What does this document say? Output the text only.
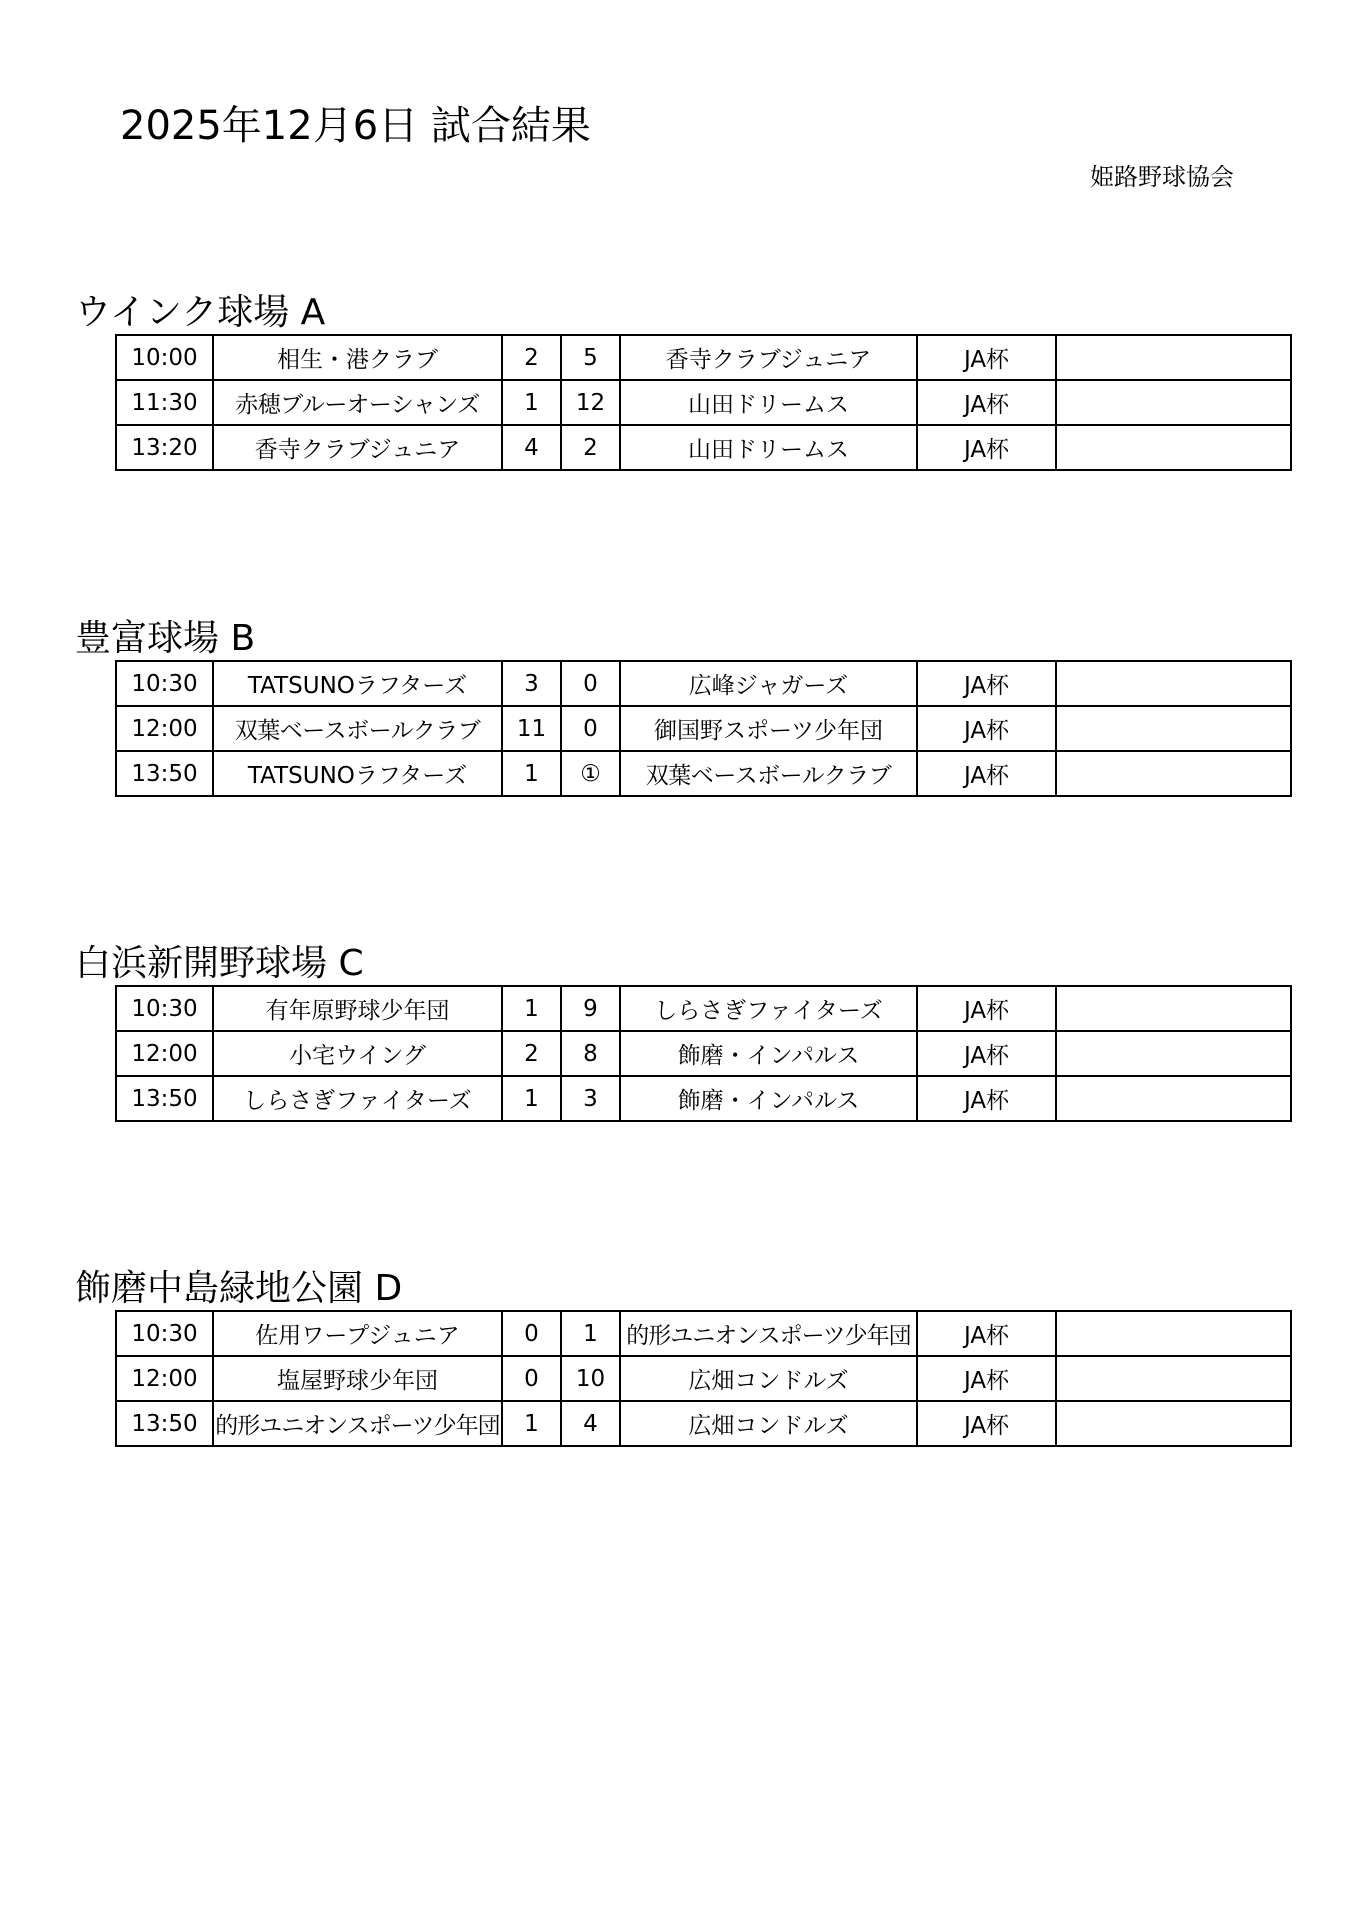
2025年12月6日 試合結果
姫路野球協会
ウインク球場 A
10:00	相生・港クラブ	2	5	香寺クラブジュニア	JA杯	
11:30	赤穂ブルーオーシャンズ	1	12	山田ドリームス	JA杯	
13:20	香寺クラブジュニア	4	2	山田ドリームス	JA杯	
豊富球場 B
10:30	TATSUNOラフターズ	3	0	広峰ジャガーズ	JA杯	
12:00	双葉ベースボールクラブ	11	0	御国野スポーツ少年団	JA杯	
13:50	TATSUNOラフターズ	1	①	双葉ベースボールクラブ	JA杯	
白浜新開野球場 C
10:30	有年原野球少年団	1	9	しらさぎファイターズ	JA杯	
12:00	小宅ウイング	2	8	飾磨・インパルス	JA杯	
13:50	しらさぎファイターズ	1	3	飾磨・インパルス	JA杯	
飾磨中島緑地公園 D
10:30	佐用ワープジュニア	0	1	的形ユニオンスポーツ少年団	JA杯	
12:00	塩屋野球少年団	0	10	広畑コンドルズ	JA杯	
13:50	的形ユニオンスポーツ少年団	1	4	広畑コンドルズ	JA杯	
